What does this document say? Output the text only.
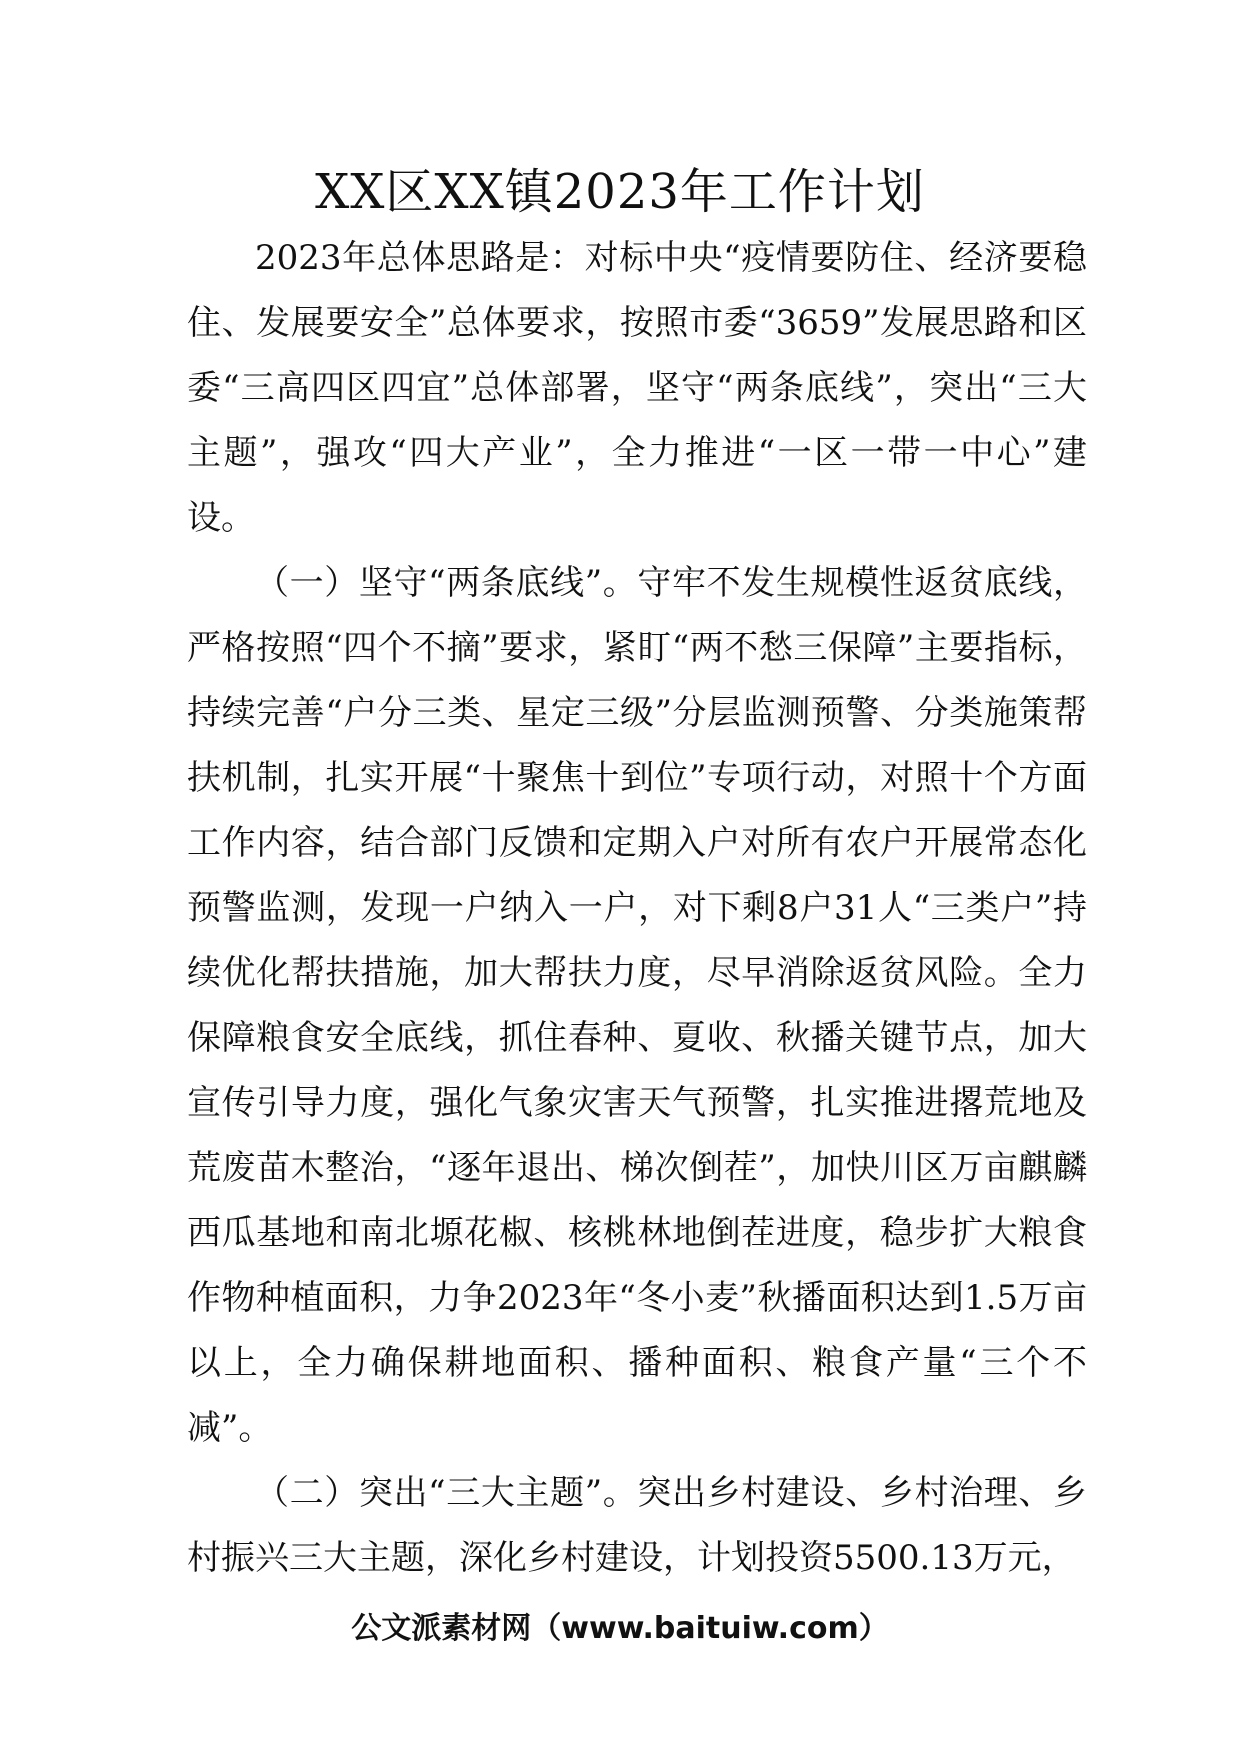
XX区XX镇2023年工作计划

2023年总体思路是：对标中央“疫情要防住、经济要稳住、发展要安全”总体要求，按照市委“3659”发展思路和区委“三高四区四宜”总体部署，坚守“两条底线”，突出“三大主题”，强攻“四大产业”，全力推进“一区一带一中心”建设。

（一）坚守“两条底线”。守牢不发生规模性返贫底线，严格按照“四个不摘”要求，紧盯“两不愁三保障”主要指标，持续完善“户分三类、星定三级”分层监测预警、分类施策帮扶机制，扎实开展“十聚焦十到位”专项行动，对照十个方面工作内容，结合部门反馈和定期入户对所有农户开展常态化预警监测，发现一户纳入一户，对下剩8户31人“三类户”持续优化帮扶措施，加大帮扶力度，尽早消除返贫风险。全力保障粮食安全底线，抓住春种、夏收、秋播关键节点，加大宣传引导力度，强化气象灾害天气预警，扎实推进撂荒地及荒废苗木整治，“逐年退出、梯次倒茬”，加快川区万亩麒麟西瓜基地和南北塬花椒、核桃林地倒茬进度，稳步扩大粮食作物种植面积，力争2023年“冬小麦”秋播面积达到1.5万亩以上，全力确保耕地面积、播种面积、粮食产量“三个不减”。

（二）突出“三大主题”。突出乡村建设、乡村治理、乡村振兴三大主题，深化乡村建设，计划投资5500.13万元，

公文派素材网（www.baituiw.com）
